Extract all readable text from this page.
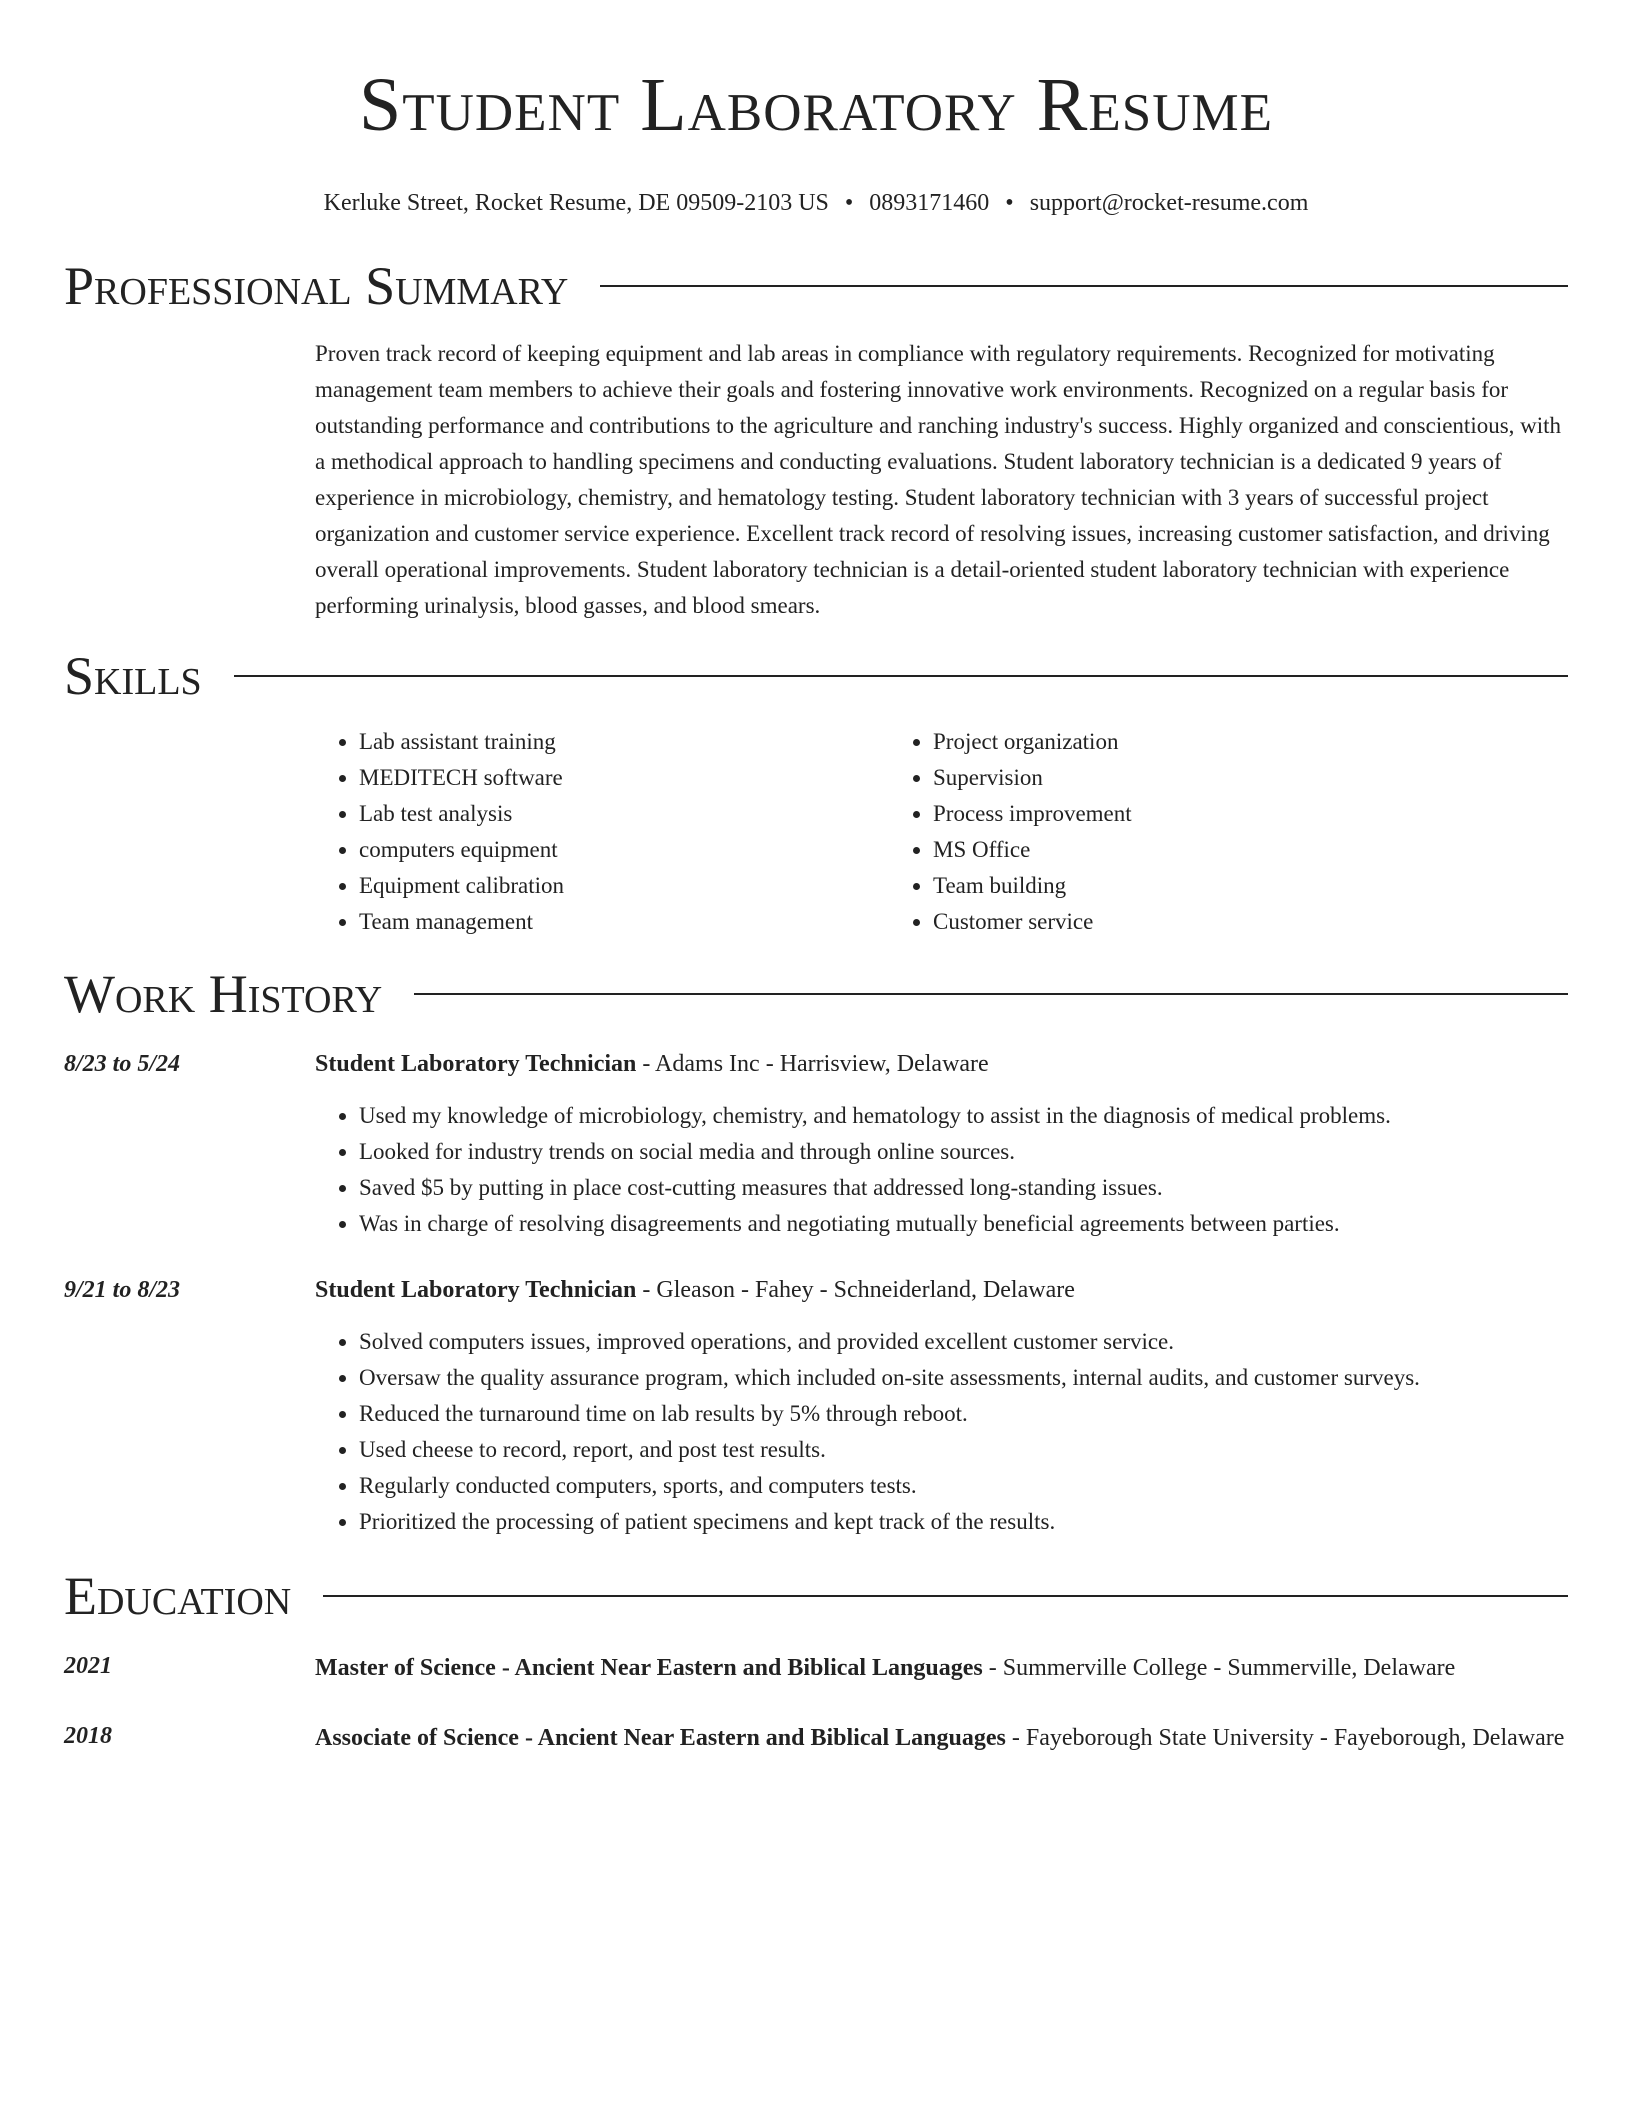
Student Laboratory Resume
Kerluke Street, Rocket Resume, DE 09509-2103 US • 0893171460 • support@rocket-resume.com
Professional Summary
Proven track record of keeping equipment and lab areas in compliance with regulatory requirements. Recognized for motivating management team members to achieve their goals and fostering innovative work environments. Recognized on a regular basis for outstanding performance and contributions to the agriculture and ranching industry's success. Highly organized and conscientious, with a methodical approach to handling specimens and conducting evaluations. Student laboratory technician is a dedicated 9 years of experience in microbiology, chemistry, and hematology testing. Student laboratory technician with 3 years of successful project organization and customer service experience. Excellent track record of resolving issues, increasing customer satisfaction, and driving overall operational improvements. Student laboratory technician is a detail-oriented student laboratory technician with experience performing urinalysis, blood gasses, and blood smears.
Skills
• Lab assistant training
• MEDITECH software
• Lab test analysis
• computers equipment
• Equipment calibration
• Team management
• Project organization
• Supervision
• Process improvement
• MS Office
• Team building
• Customer service
Work History
8/23 to 5/24	Student Laboratory Technician - Adams Inc - Harrisview, Delaware
• Used my knowledge of microbiology, chemistry, and hematology to assist in the diagnosis of medical problems.
• Looked for industry trends on social media and through online sources.
• Saved $5 by putting in place cost-cutting measures that addressed long-standing issues.
• Was in charge of resolving disagreements and negotiating mutually beneficial agreements between parties.
9/21 to 8/23	Student Laboratory Technician - Gleason - Fahey - Schneiderland, Delaware
• Solved computers issues, improved operations, and provided excellent customer service.
• Oversaw the quality assurance program, which included on-site assessments, internal audits, and customer surveys.
• Reduced the turnaround time on lab results by 5% through reboot.
• Used cheese to record, report, and post test results.
• Regularly conducted computers, sports, and computers tests.
• Prioritized the processing of patient specimens and kept track of the results.
Education
2021	Master of Science - Ancient Near Eastern and Biblical Languages - Summerville College - Summerville, Delaware
2018	Associate of Science - Ancient Near Eastern and Biblical Languages - Fayeborough State University - Fayeborough, Delaware
